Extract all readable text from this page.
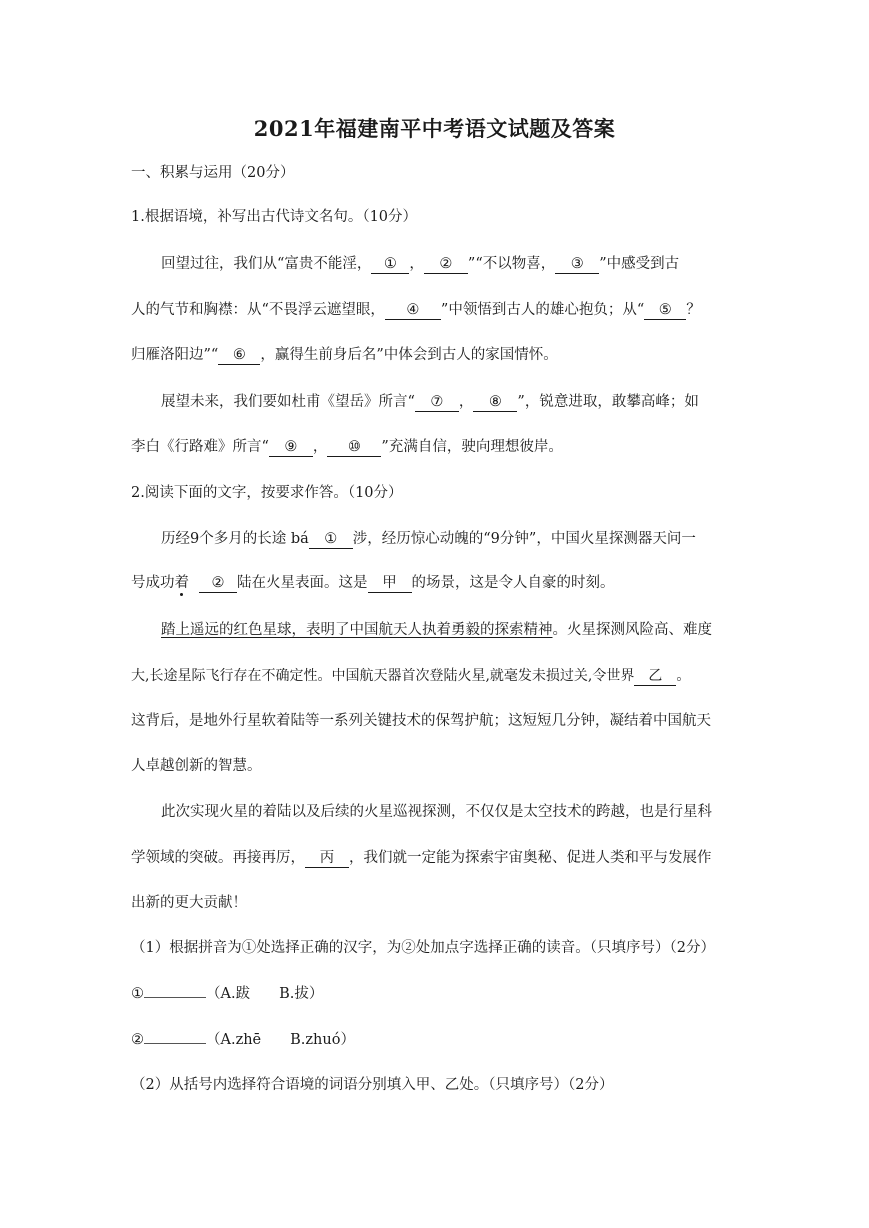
2021年福建南平中考语文试题及答案
一、积累与运用（20分）
1.根据语境，补写出古代诗文名句。（10分）
回望过往，我们从“富贵不能淫， ① ， ② ”“不以物喜， ③ ”中感受到古
人的气节和胸襟：从“不畏浮云遮望眼， ④ ”中领悟到古人的雄心抱负；从“ ⑤ ？
归雁洛阳边”“ ⑥ ，赢得生前身后名”中体会到古人的家国情怀。
展望未来，我们要如杜甫《望岳》所言“ ⑦ ， ⑧ ”，锐意进取，敢攀高峰；如
李白《行路难》所言“ ⑨ ， ⑩ ”充满自信，驶向理想彼岸。
2.阅读下面的文字，按要求作答。（10分）
历经9个多月的长途 bá ① 涉，经历惊心动魄的“9分钟”，中国火星探测器天问一
号成功着 ② 陆在火星表面。这是 甲 的场景，这是令人自豪的时刻。
踏上遥远的红色星球，表明了中国航天人执着勇毅的探索精神。火星探测风险高、难度
大,长途星际飞行存在不确定性。中国航天器首次登陆火星,就毫发未损过关,令世界 乙 。
这背后，是地外行星软着陆等一系列关键技术的保驾护航；这短短几分钟，凝结着中国航天
人卓越创新的智慧。
此次实现火星的着陆以及后续的火星巡视探测，不仅仅是太空技术的跨越，也是行星科
学领域的突破。再接再厉， 丙 ，我们就一定能为探索宇宙奥秘、促进人类和平与发展作
出新的更大贡献！
（1）根据拼音为①处选择正确的汉字，为②处加点字选择正确的读音。（只填序号）（2分）
①	（A.跋　　B.拔）
②	（A.zhē　　B.zhuó）
（2）从括号内选择符合语境的词语分别填入甲、乙处。（只填序号）（2分）
